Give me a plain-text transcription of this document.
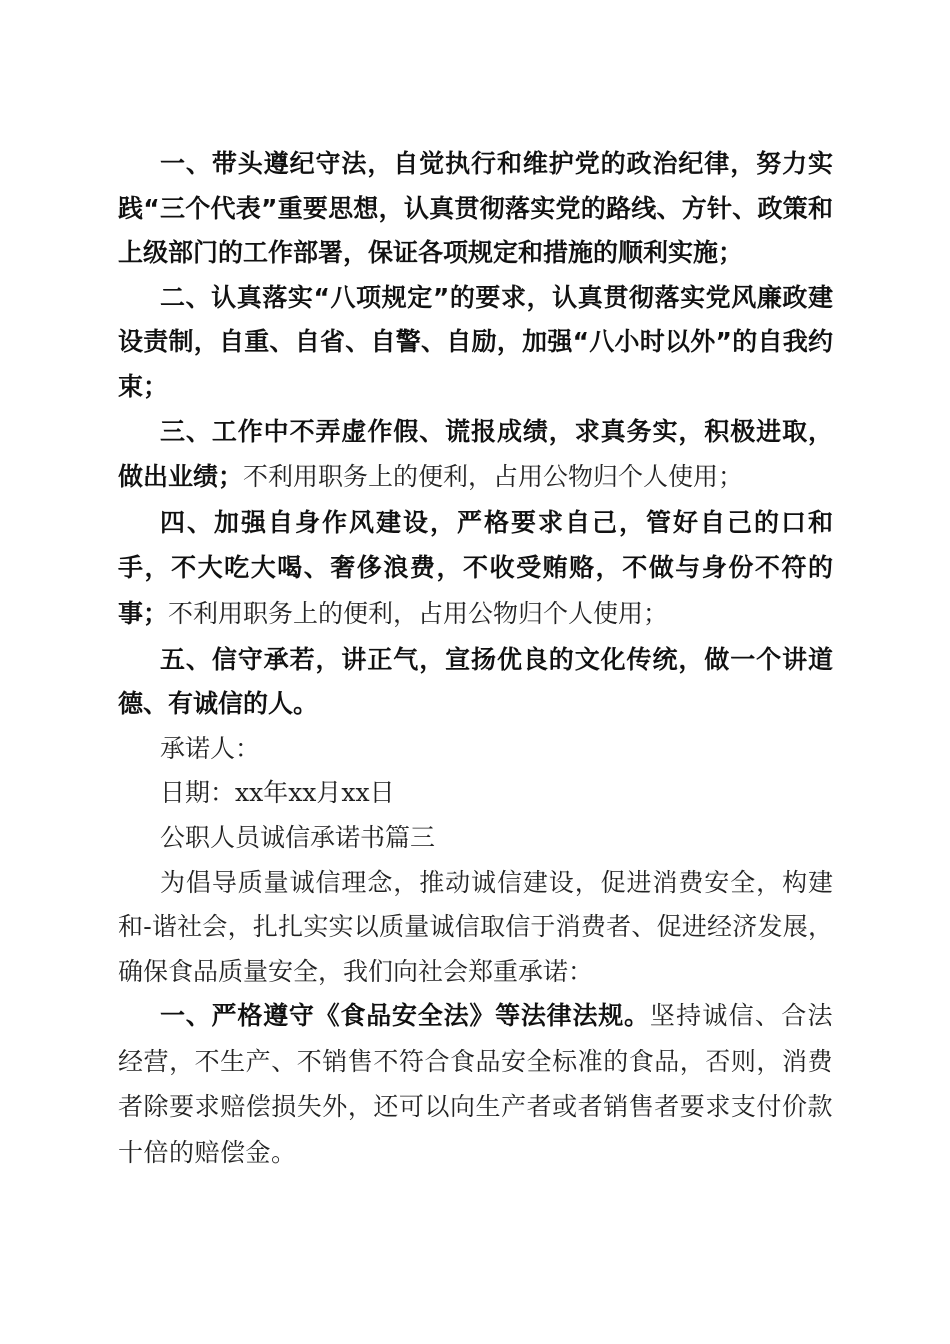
一、带头遵纪守法，自觉执行和维护党的政治纪律，努力实践“三个代表”重要思想，认真贯彻落实党的路线、方针、政策和上级部门的工作部署，保证各项规定和措施的顺利实施；

二、认真落实“八项规定”的要求，认真贯彻落实党风廉政建设责制，自重、自省、自警、自励，加强“八小时以外”的自我约束；

三、工作中不弄虚作假、谎报成绩，求真务实，积极进取，做出业绩；不利用职务上的便利，占用公物归个人使用；

四、加强自身作风建设，严格要求自己，管好自己的口和手，不大吃大喝、奢侈浪费，不收受贿赂，不做与身份不符的事；不利用职务上的便利，占用公物归个人使用；

五、信守承若，讲正气，宣扬优良的文化传统，做一个讲道德、有诚信的人。

承诺人：

日期：xx年xx月xx日

公职人员诚信承诺书篇三

为倡导质量诚信理念，推动诚信建设，促进消费安全，构建和-谐社会，扎扎实实以质量诚信取信于消费者、促进经济发展，确保食品质量安全，我们向社会郑重承诺：

一、严格遵守《食品安全法》等法律法规。坚持诚信、合法经营，不生产、不销售不符合食品安全标准的食品，否则，消费者除要求赔偿损失外，还可以向生产者或者销售者要求支付价款十倍的赔偿金。
